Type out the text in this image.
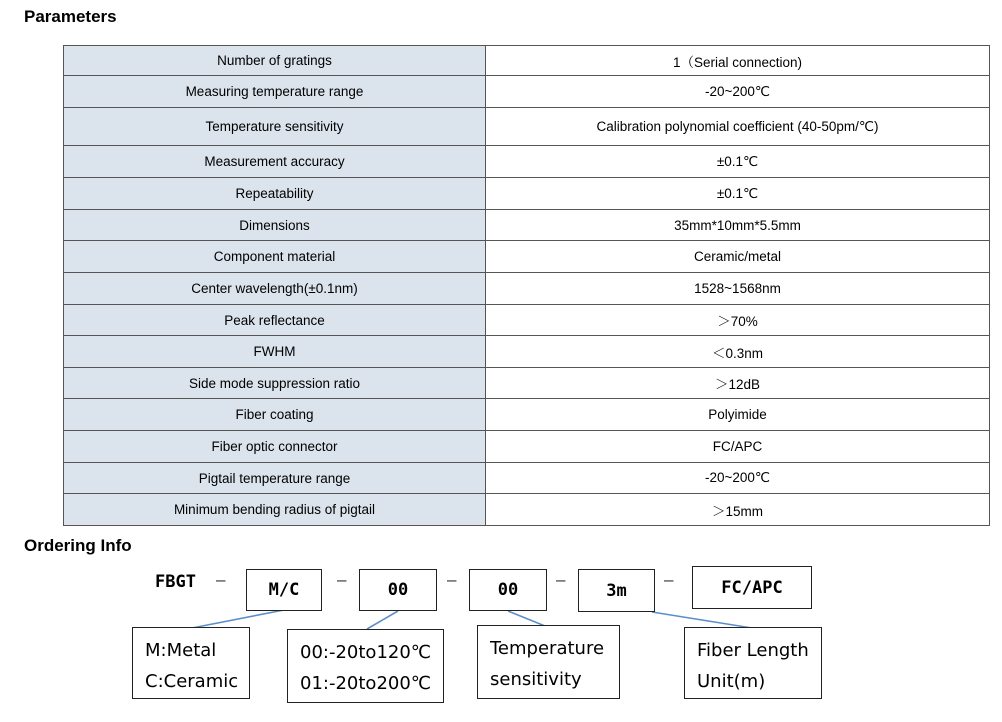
Parameters
Number of gratings	1（Serial connection)
Measuring temperature range	-20~200℃
Temperature sensitivity	Calibration polynomial coefficient (40-50pm/℃)
Measurement accuracy	±0.1℃
Repeatability	±0.1℃
Dimensions	35mm*10mm*5.5mm
Component material	Ceramic/metal
Center wavelength(±0.1nm)	1528~1568nm
Peak reflectance	＞70%
FWHM	＜0.3nm
Side mode suppression ratio	＞12dB
Fiber coating	Polyimide
Fiber optic connector	FC/APC
Pigtail temperature range	-20~200℃
Minimum bending radius of pigtail	＞15mm
Ordering Info
FBGT –
M/C
–
00
–
00
–
3m
–	FC/APC
M:Metal
C:Ceramic
00:-20to120℃
01:-20to200℃
Temperature
sensitivity
Fiber Length
Unit(m)
